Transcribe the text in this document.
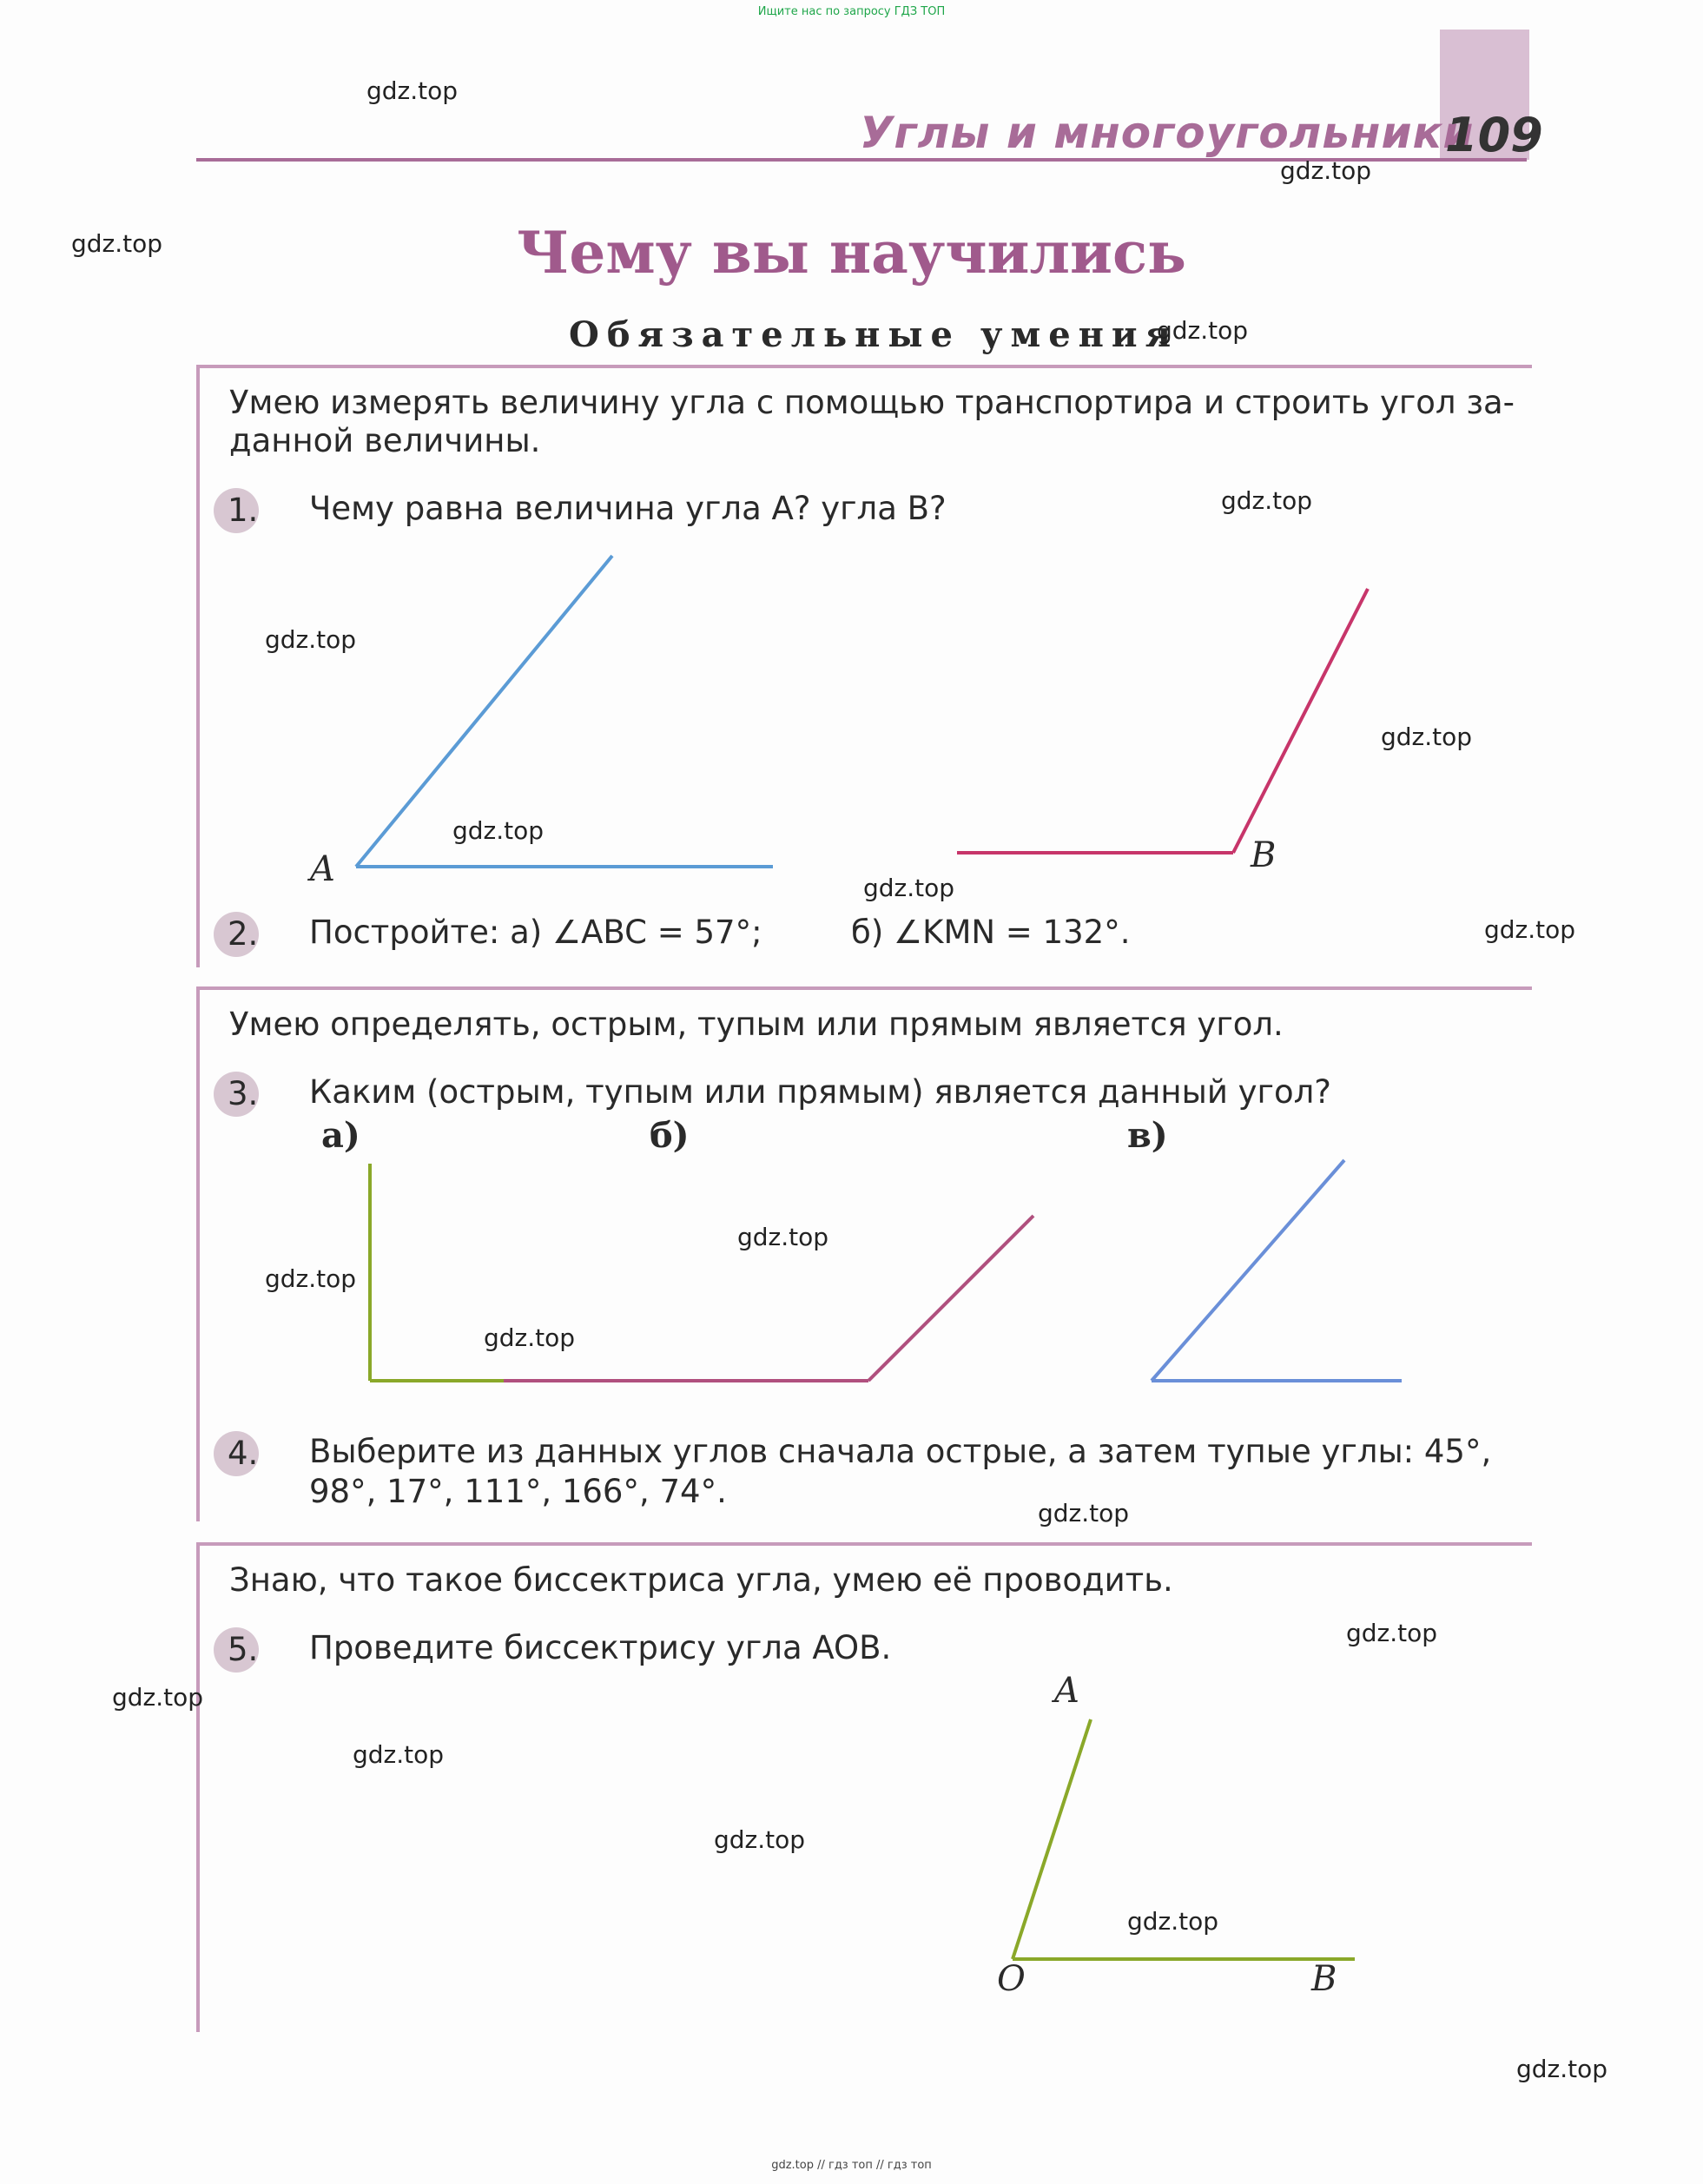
Ищите нас по запросу ГДЗ ТОП
Углы и многоугольники
109
Чему вы научились
Обязательные умения
Умею измерять величину угла с помощью транспортира и строить угол за-
данной величины.
1. Чему равна величина угла A? угла B?
A	B
2. Постройте: а) ∠ABC = 57°;	б) ∠KMN = 132°.
Умею определять, острым, тупым или прямым является угол.
3. Каким (острым, тупым или прямым) является данный угол?
а)	б)	в)
4. Выберите из данных углов сначала острые, а затем тупые углы: 45°,
98°, 17°, 111°, 166°, 74°.
Знаю, что такое биссектриса угла, умею её проводить.
5. Проведите биссектрису угла AOB.
A
O	B
gdz.top
gdz.top
gdz.top
gdz.top
gdz.top
gdz.top
gdz.top
gdz.top
gdz.top
gdz.top
gdz.top
gdz.top
gdz.top
gdz.top
gdz.top
gdz.top
gdz.top
gdz.top
gdz.top
gdz.top
gdz.top // гдз топ // гдз топ
